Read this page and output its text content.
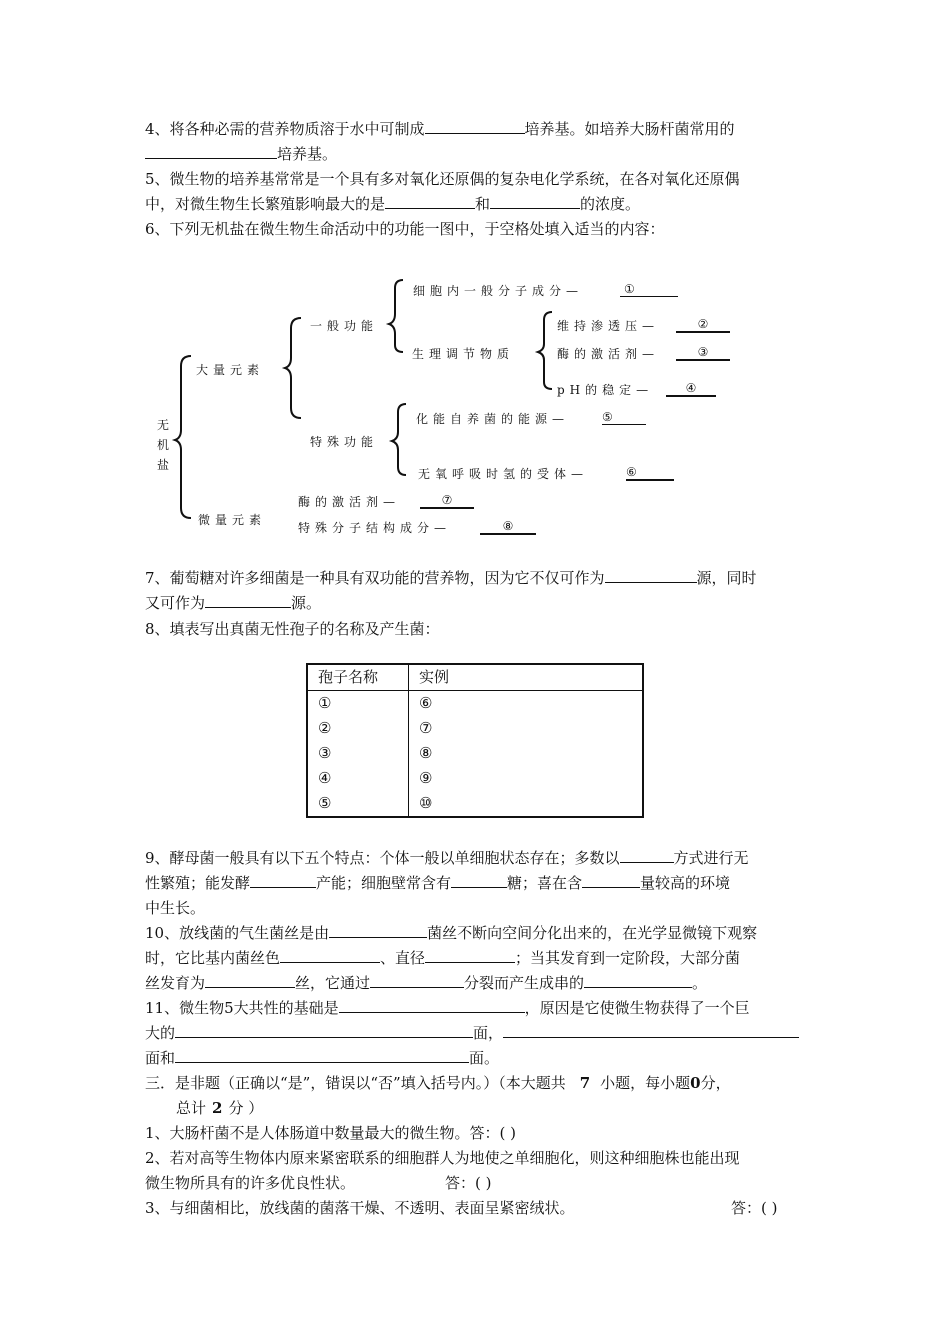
4、将各种必需的营养物质溶于水中可制成	培养基。如培养大肠杆菌常用的
培养基。
5、微生物的培养基常常是一个具有多对氧化还原偶的复杂电化学系统，在各对氧化还原偶
中，对微生物生长繁殖影响最大的是	和	的浓度。
6、下列无机盐在微生物生命活动中的功能一图中，于空格处填入适当的内容：
无
机
盐
大量元素
微量元素
一般功能
特殊功能
细胞内一般分子成分—	①
生理调节物质
维持渗透压—	②
酶的激活剂—	③
pH的稳定—	④
化能自养菌的能源—	⑤
无氧呼吸时氢的受体—	⑥
酶的激活剂—	⑦
特殊分子结构成分—	⑧
7、葡萄糖对许多细菌是一种具有双功能的营养物，因为它不仅可作为	源，同时
又可作为	源。
8、填表写出真菌无性孢子的名称及产生菌：
孢子名称	实例
①	⑥
②	⑦
③	⑧
④	⑨
⑤	⑩
9、酵母菌一般具有以下五个特点：个体一般以单细胞状态存在；多数以	方式进行无
性繁殖；能发酵	产能；细胞壁常含有	糖；喜在含	量较高的环境
中生长。
10、放线菌的气生菌丝是由	菌丝不断向空间分化出来的，在光学显微镜下观察
时，它比基内菌丝色	、直径	；当其发育到一定阶段，大部分菌
丝发育为	丝，它通过	分裂而产生成串的	。
11、微生物5大共性的基础是	，原因是它使微生物获得了一个巨
大的	面，
面和	面。
三．是非题（正确以“是”，错误以“否”填入括号内。）（本大题共 7 小题，每小题0分，
总计 2 分 ）
1、大肠杆菌不是人体肠道中数量最大的微生物。答：( )
2、若对高等生物体内原来紧密联系的细胞群人为地使之单细胞化，则这种细胞株也能出现
微生物所具有的许多优良性状。	答：( )
3、与细菌相比，放线菌的菌落干燥、不透明、表面呈紧密绒状。	答：( )
